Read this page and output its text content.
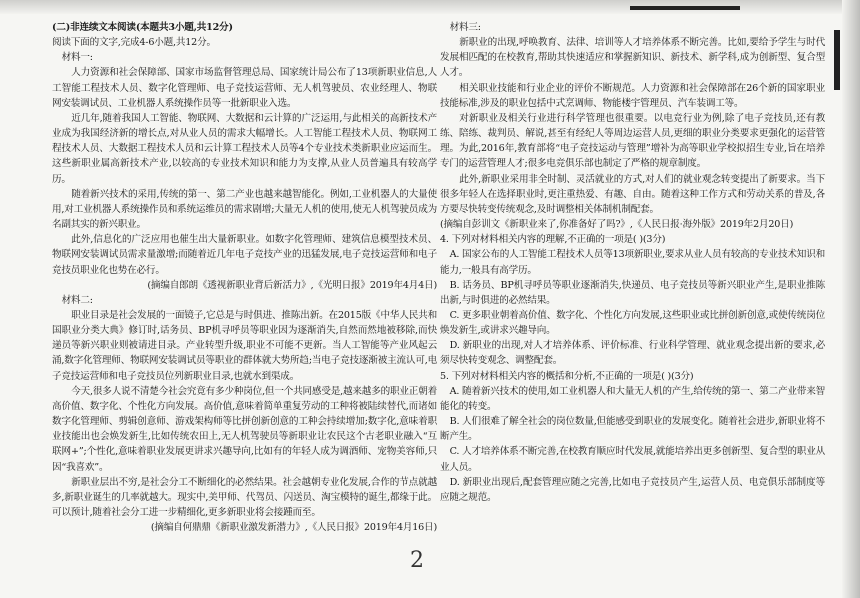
(二)非连续文本阅读(本题共3小题,共12分)

阅读下面的文字,完成4-6小题,共12分。

材料一:

人力资源和社会保障部、国家市场监督管理总局、国家统计局公布了13项新职业信息,人工智能工程技术人员、数字化管理师、电子竞技运营师、无人机驾驶员、农业经理人、物联网安装调试员、工业机器人系统操作员等一批新职业入选。

近几年,随着我国人工智能、物联网、大数据和云计算的广泛运用,与此相关的高新技术产业成为我国经济新的增长点,对从业人员的需求大幅增长。人工智能工程技术人员、物联网工程技术人员、大数据工程技术人员和云计算工程技术人员等4个专业技术类新职业应运而生。这些新职业属高新技术产业,以较高的专业技术知识和能力为支撑,从业人员普遍具有较高学历。

随着新兴技术的采用,传统的第一、第二产业也越来越智能化。例如,工业机器人的大量使用,对工业机器人系统操作员和系统运维员的需求剧增;大量无人机的使用,使无人机驾驶员成为名副其实的新兴职业。

此外,信息化的广泛应用也催生出大量新职业。如数字化管理师、建筑信息模型技术员、物联网安装调试员需求量激增;而随着近几年电子竞技产业的迅猛发展,电子竞技运营师和电子竞技员职业化也势在必行。

(摘编自郎朗《透视新职业背后新活力》,《光明日报》2019年4月4日)

材料二:

职业目录是社会发展的一面镜子,它总是与时俱进、推陈出新。在2015版《中华人民共和国职业分类大典》修订时,话务员、BP机寻呼员等职业因为逐渐消失,自然而然地被移除,而快递员等新兴职业则被请进目录。产业转型升级,职业不可能不更新。当人工智能等产业风起云涌,数字化管理师、物联网安装调试员等职业的群体就大势所趋;当电子竞技逐渐被主流认可,电子竞技运营师和电子竞技员位列新职业目录,也就水到渠成。

今天,很多人说不清楚今社会究竟有多少种岗位,但一个共同感受是,越来越多的职业正朝着高价值、数字化、个性化方向发展。高价值,意味着简单重复劳动的工种将被陆续替代,而诸如数字化管理师、剪辑创意师、游戏架构师等比拼创新创意的工种会持续增加;数字化,意味着职业技能出也会焕发新生,比如传统农田上,无人机驾驶员等新职业让农民这个古老职业融入“互联网+”;个性化,意味着职业发展更讲求兴趣导向,比如有的年轻人成为调酒师、宠物美容师,只因“我喜欢”。

新职业层出不穷,是社会分工不断细化的必然结果。社会越朝专业化发展,合作的节点就越多,新职业诞生的几率就越大。现实中,美甲师、代驾员、闪送员、淘宝模特的诞生,都缘于此。可以预计,随着社会分工进一步精细化,更多新职业将会接踵而至。

(摘编自何鼎鼎《新职业激发新潜力》,《人民日报》2019年4月16日)

材料三:

新职业的出现,呼唤教育、法律、培训等人才培养体系不断完善。比如,要给予学生与时代发展相匹配的在校教育,帮助其快速适应和掌握新知识、新技术、新学科,成为创新型、复合型人才。

相关职业技能和行业企业的评价不断规范。人力资源和社会保障部在26个新的国家职业技能标准,涉及的职业包括中式烹调师、物能楼宇管理员、汽车装调工等。

对新职业及相关行业进行科学管理也很重要。以电竞行业为例,除了电子竞技员,还有教练、陪练、裁判员、解说,甚至有经纪人等周边运营人员,更细的职业分类要求更强化的运营管理。为此,2016年,教育部将“电子竞技运动与管理”增补为高等职业学校拟招生专业,旨在培养专门的运营管理人才;很多电竞俱乐部也制定了严格的规章制度。

此外,新职业采用非全时制、灵活就业的方式,对人们的就业观念转变提出了新要求。当下很多年轻人在选择职业时,更注重热爱、有趣、自由。随着这种工作方式和劳动关系的普及,各方要尽快转变传统观念,及时调整相关体制机制配套。

(摘编自彭训文《新职业来了,你准备好了吗?》,《人民日报·海外版》2019年2月20日)

4. 下列对材料相关内容的理解,不正确的一项是( )(3分)

A. 国家公布的人工智能工程技术人员等13项新职业,要求从业人员有较高的专业技术知识和能力,一般具有高学历。

B. 话务员、BP机寻呼员等职业逐渐消失,快递员、电子竞技员等新兴职业产生,是职业推陈出新,与时俱进的必然结果。

C. 更多职业朝着高价值、数字化、个性化方向发展,这些职业或比拼创新创意,或使传统岗位焕发新生,或讲求兴趣导向。

D. 新职业的出现,对人才培养体系、评价标准、行业科学管理、就业观念提出新的要求,必须尽快转变观念、调整配套。

5. 下列对材料相关内容的概括和分析,不正确的一项是( )(3分)

A. 随着新兴技术的使用,如工业机器人和大量无人机的产生,给传统的第一、第二产业带来智能化的转变。

B. 人们很难了解全社会的岗位数量,但能感受到职业的发展变化。随着社会进步,新职业将不断产生。

C. 人才培养体系不断完善,在校教育顺应时代发展,就能培养出更多创新型、复合型的职业从业人员。

D. 新职业出现后,配套管理应随之完善,比如电子竞技员产生,运营人员、电竞俱乐部制度等应随之规范。

2
